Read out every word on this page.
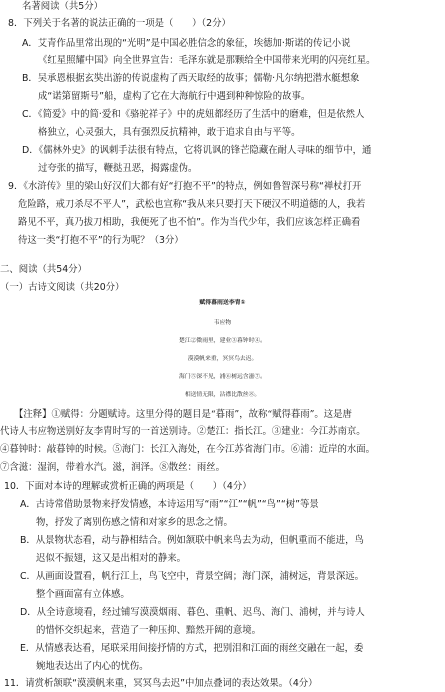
名著阅读（共5分）
8．下列关于名著的说法正确的一项是（　　）（2分）
A．艾青作品里常出现的“光明”是中国必胜信念的象征，埃德加·斯诺的传记小说
《红星照耀中国》向全世界宣告：毛泽东就是那颗给全中国带来光明的闪亮红星。
B．吴承恩根据玄奘出游的传说虚构了西天取经的故事；儒勒·凡尔纳把潜水艇想象
成“诺第留斯号”船，虚构了它在大海航行中遇到种种惊险的故事。
C．《简爱》中的简·爱和《骆驼祥子》中的虎妞都经历了生活中的磨难，但是依然人
格独立，心灵强大，具有强烈反抗精神，敢于追求自由与平等。
D．《儒林外史》的讽刺手法很有特点，它将讥讽的锋芒隐藏在耐人寻味的细节中，通
过夸张的描写，鞭挞丑恶，揭露虚伪。
9．《水浒传》里的梁山好汉们大都有好“打抱不平”的特点，例如鲁智深号称“禅杖打开
危险路，戒刀杀尽不平人”，武松也宣称“我从来只要打天下硬汉不明道德的人，我若
路见不平，真乃拔刀相助，我便死了也不怕”。作为当代少年，我们应该怎样正确看
待这一类“打抱不平”的行为呢？（3分）
二、阅读（共54分）
（一）古诗文阅读（共20分）
赋得暮雨送李胄①
韦应物
楚江②微雨里，建业③暮钟时④。
漠漠帆来重，冥冥鸟去迟。
海门⑤深不见，浦⑥树远含滋⑦。
相送情无限，沾襟比散丝⑧。
【注释】①赋得：分题赋诗。这里分得的题目是“暮雨”，故称“赋得暮雨”。这是唐
代诗人韦应物送别好友李胄时写的一首送别诗。②楚江：指长江。③建业：今江苏南京。
④暮钟时：敲暮钟的时候。⑤海门：长江入海处，在今江苏省海门市。⑥浦：近岸的水面。
⑦含滋：湿润，带着水汽。滋，润泽。⑧散丝：雨丝。
10．下面对本诗的理解或赏析正确的两项是（　　）（4分）
A．古诗常借助景物来抒发情感，本诗运用写“雨”“江”“帆”“鸟”“树”等景
物，抒发了离别伤感之情和对家乡的思念之情。
B．从景物状态看，动与静相结合。例如颔联中帆来鸟去为动，但帆重而不能进，鸟
迟似不振翅，这又是出相对的静来。
C．从画面设置看，帆行江上，鸟飞空中，背景空阔；海门深，浦树远，背景深远。
整个画面富有立体感。
D．从全诗意境看，经过铺写漠漠烟雨、暮色、重帆、迟鸟、海门、浦树，并与诗人
的惜怀交织起来，营造了一种压抑、黯然开阔的意境。
E．从情感表达看，尾联采用间接抒情的方式，把别泪和江面的雨丝交融在一起，委
婉地表达出了内心的忧伤。
11．请赏析颔联“漠漠帆来重，冥冥鸟去迟”中加点叠词的表达效果。（4分）
